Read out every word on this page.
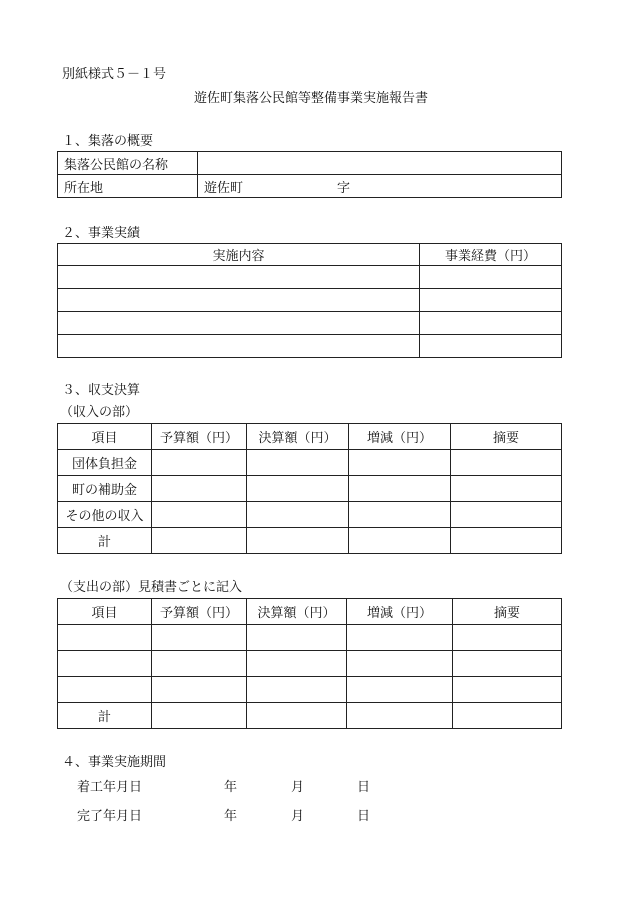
別紙様式５－１号
遊佐町集落公民館等整備事業実施報告書
１、集落の概要
集落公民館の名称	
所在地	遊佐町 字
２、事業実績
実施内容	事業経費（円）

３、収支決算
（収入の部）
項目	予算額（円）	決算額（円）	増減（円）	摘要
団体負担金				
町の補助金				
その他の収入				
計				
（支出の部）見積書ごとに記入
項目	予算額（円）	決算額（円）	増減（円）	摘要

計				
４、事業実施期間
着工年月日	年	月	日
完了年月日	年	月	日
